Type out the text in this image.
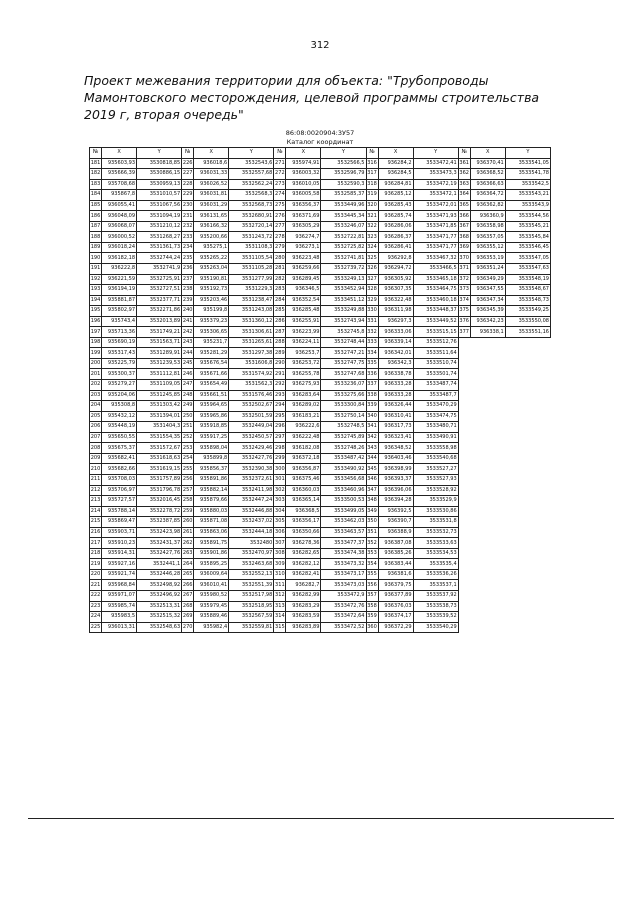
312
Проект межевания территории для объекта: "Трубопроводы Мамонтовского месторождения, целевой программы строительства 2019 г, вторая очередь"
86:08:0020904:3У57
Каталог координат
№	X	Y	№	X	Y	№	X	Y	№	X	Y	№	X	Y
181	935603,93	3530818,85	226	936018,6	3532543,6	271	935974,91	3532566,5	316	936284,2	3533472,41	361	936370,41	3533541,05
182	935666,39	3530886,15	227	936031,33	3532557,68	272	936003,32	3532596,79	317	936284,5	3533473,3	362	936368,52	3533541,78
183	935708,68	3530959,13	228	936026,52	3532562,24	273	936010,05	3532590,3	318	936284,81	3533472,19	363	936366,63	3533542,5
184	935867,8	3531010,57	229	936031,81	3532568,3	274	936005,58	3532585,37	319	936285,12	3533472,1	364	936364,72	3533543,21
185	936055,41	3531067,56	230	936031,29	3532568,73	275	936356,37	3533449,96	320	936285,43	3533472,01	365	936362,82	3533543,9
186	936048,09	3531094,19	231	936131,65	3532680,91	276	936371,69	3533445,34	321	936285,74	3533471,93	366	936360,9	3533544,56
187	936068,07	3531210,12	232	936166,32	3532720,14	277	936305,29	3533246,07	322	936286,06	3533471,85	367	936358,98	3533545,21
188	936000,52	3531268,27	233	935200,66	3531243,72	278	936274,7	3532722,81	323	936286,37	3533471,77	368	936357,05	3533545,84
189	936018,24	3531361,73	234	935275,1	3531108,3	279	936273,1	3532725,82	324	936286,41	3533471,77	369	936355,12	3533546,45
190	936182,18	3532744,24	235	935265,22	3531105,54	280	936223,48	3532741,81	325	936292,8	3533467,32	370	936353,19	3533547,05
191	936222,8	3532741,9	236	935263,04	3531105,28	281	936259,66	3532739,72	326	936294,72	3533466,5	371	936351,24	3533547,63
192	936221,59	3532725,91	237	935190,81	3531277,99	282	936289,45	3533249,13	327	936305,92	3533465,18	372	936349,29	3533548,19
193	936194,19	3532727,51	238	935192,73	3531229,3	283	936346,5	3533452,94	328	936307,35	3533464,75	373	936347,55	3533548,67
194	935881,87	3532377,71	239	935203,46	3531238,47	284	936352,54	3533451,12	329	936322,48	3533460,18	374	936347,34	3533548,73
195	935802,97	3532271,86	240	935199,8	3531243,08	285	936285,48	3533249,88	330	936311,98	3533448,37	375	936345,39	3533549,25
196	935743,4	3532013,89	241	935379,23	3531360,12	286	936255,91	3532743,94	331	936297,3	3533449,52	376	936342,23	3533550,08
197	935713,36	3531749,21	242	935306,65	3531306,61	287	936223,99	3532745,8	332	936333,06	3533515,15	377	936338,1	3533551,16
198	935690,19	3531563,71	243	935231,7	3531265,61	288	936224,11	3532748,44	333	936339,14	3533512,76			
199	935317,43	3531289,91	244	935281,29	3531297,38	289	936253,7	3532747,21	334	936342,01	3533511,64			
200	935225,79	3531239,53	245	935676,54	3531606,8	290	936253,72	3532747,75	335	936342,3	3533510,74			
201	935300,37	3531112,81	246	935671,66	3531574,92	291	936255,78	3532747,68	336	936338,78	3533501,74			
202	935279,27	3531109,05	247	935654,49	3531562,3	292	936275,93	3533236,07	337	936333,28	3533487,74			
203	935204,06	3531245,85	248	935661,51	3531576,46	293	936283,64	3533275,66	338	936333,28	3533487,7			
204	935308,8	3531303,42	249	935964,65	3532502,67	294	936289,02	3533300,84	339	936326,44	3533470,29			
205	935432,12	3531394,01	250	935965,86	3532501,59	295	936183,21	3532750,14	340	936310,41	3533474,75			
206	935448,19	3531404,3	251	935918,85	3532449,04	296	936222,6	3532748,5	341	936317,73	3533480,71			
207	935650,55	3531554,35	252	935917,25	3532450,57	297	936222,48	3532745,89	342	936323,41	3533490,91			
208	935675,37	3531572,67	253	935898,04	3532429,46	298	936182,08	3532748,26	343	936348,52	3533558,98			
209	935682,41	3531618,63	254	935899,8	3532427,76	299	936372,18	3533487,42	344	936403,46	3533540,68			
210	935682,66	3531619,15	255	935856,37	3532390,38	300	936356,87	3533490,92	345	936398,99	3533527,27			
211	935708,03	3531757,89	256	935891,86	3532372,61	301	936375,46	3533456,68	346	936393,37	3533527,93			
212	935706,97	3531796,78	257	935882,14	3532411,98	302	936360,03	3533460,96	347	936396,06	3533528,92			
213	935727,57	3532016,45	258	935879,66	3532447,24	303	936365,14	3533500,53	348	936394,28	3533529,9			
214	935788,14	3532278,72	259	935880,03	3532446,88	304	936368,5	3533499,05	349	936392,5	3533530,86			
215	935869,47	3532387,85	260	935871,08	3532437,02	305	936356,17	3533462,03	350	936390,7	3533531,8			
216	935903,71	3532423,98	261	935863,06	3532444,18	306	936350,66	3533463,57	351	936388,9	3533532,73			
217	935910,23	3532431,37	262	935891,75	3532480	307	936278,36	3533477,37	352	936387,08	3533533,63			
218	935914,31	3532427,76	263	935901,86	3532470,97	308	936282,65	3533474,38	353	936385,26	3533534,53			
219	935927,16	3532441,1	264	935895,25	3532463,68	309	936282,12	3533473,32	354	936383,44	3533535,4			
220	935921,74	3532446,28	265	936009,64	3532552,13	310	936282,41	3533473,17	355	936381,6	3533536,26			
221	935968,84	3532498,92	266	936010,41	3532551,39	311	936282,7	3533473,03	356	936379,75	3533537,1			
222	935971,07	3532496,92	267	935980,52	3532517,98	312	936282,99	3533472,9	357	936377,89	3533537,92			
223	935985,74	3532513,31	268	935979,45	3532518,95	313	936283,29	3533472,76	358	936376,03	3533538,73			
224	935983,5	3532515,32	269	935889,46	3532567,59	314	936283,59	3533472,64	359	936374,17	3533539,52			
225	936013,31	3532548,63	270	935982,4	3532559,81	315	936283,89	3533472,52	360	936372,29	3533540,29			
